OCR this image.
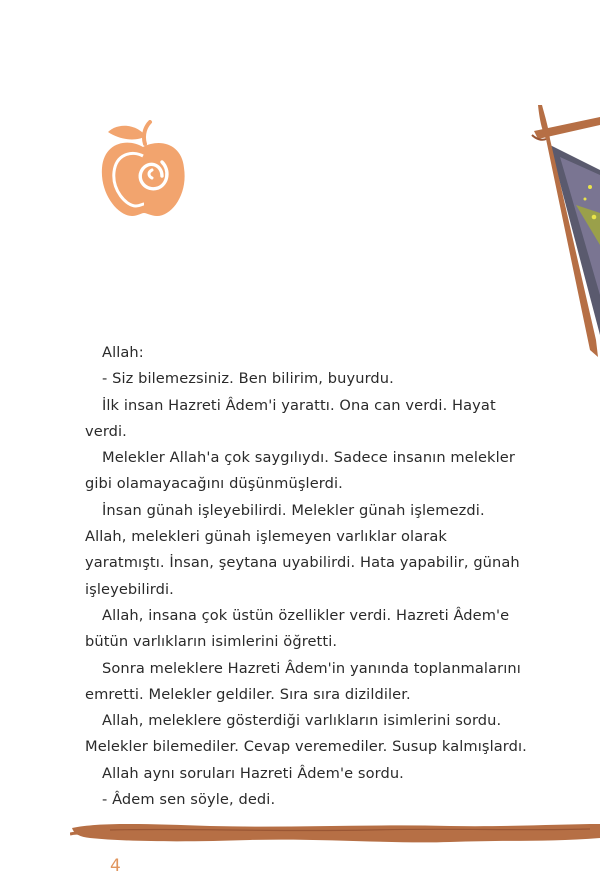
Allah:

- Siz bilemezsiniz. Ben bilirim, buyurdu.

İlk insan Hazreti Âdem'i yarattı. Ona can verdi. Hayat verdi.

Melekler Allah'a çok saygılıydı. Sadece insanın melekler gibi olamayacağını düşünmüşlerdi.

İnsan günah işleyebilirdi. Melekler günah işlemezdi. Allah, melekleri günah işlemeyen varlıklar olarak yaratmıştı. İnsan, şeytana uyabilirdi. Hata yapabilir, günah işleyebilirdi.

Allah, insana çok üstün özellikler verdi. Hazreti Âdem'e bütün varlıkların isimlerini öğretti.

Sonra meleklere Hazreti Âdem'in yanında toplanmalarını emretti. Melekler geldiler. Sıra sıra dizildiler.

Allah, meleklere gösterdiği varlıkların isimlerini sordu. Melekler bilemediler. Cevap veremediler. Susup kalmışlardı.

Allah aynı soruları Hazreti Âdem'e sordu.

- Âdem sen söyle, dedi.

4
